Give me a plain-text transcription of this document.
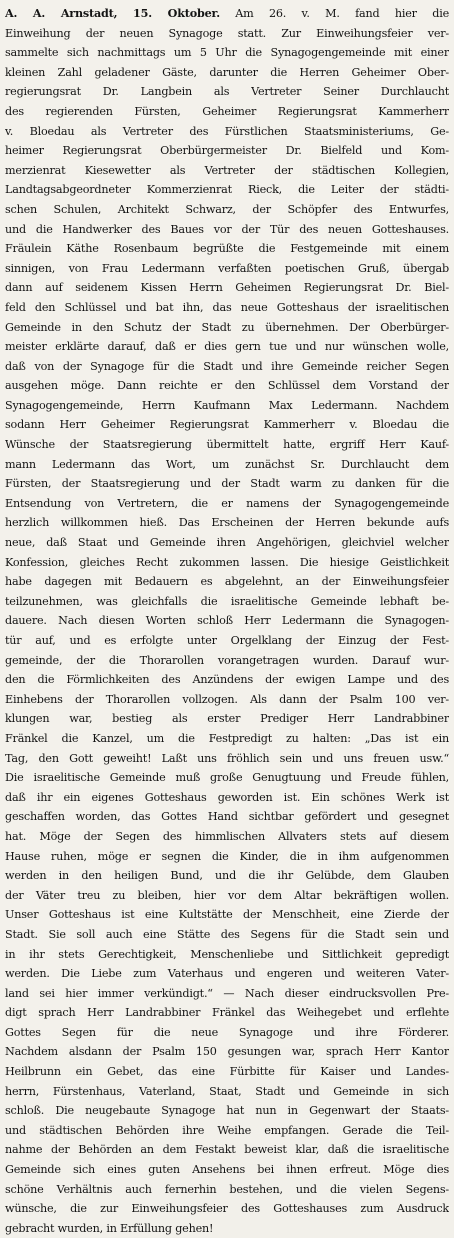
A. A. Arnstadt, 15. Oktober. Am 26. v. M. fand hier die
Einweihung der neuen Synagoge statt. Zur Einweihungsfeier ver-
sammelte sich nachmittags um 5 Uhr die Synagogengemeinde mit einer
kleinen Zahl geladener Gäste, darunter die Herren Geheimer Ober-
regierungsrat Dr. Langbein als Vertreter Seiner Durchlaucht
des regierenden Fürsten, Geheimer Regierungsrat Kammerherr
v. Bloedau als Vertreter des Fürstlichen Staatsministeriums, Ge-
heimer Regierungsrat Oberbürgermeister Dr. Bielfeld und Kom-
merzienrat Kiesewetter als Vertreter der städtischen Kollegien,
Landtagsabgeordneter Kommerzienrat Rieck, die Leiter der städti-
schen Schulen, Architekt Schwarz, der Schöpfer des Entwurfes,
und die Handwerker des Baues vor der Tür des neuen Gotteshauses.
Fräulein Käthe Rosenbaum begrüßte die Festgemeinde mit einem
sinnigen, von Frau Ledermann verfaßten poetischen Gruß, übergab
dann auf seidenem Kissen Herrn Geheimen Regierungsrat Dr. Biel-
feld den Schlüssel und bat ihn, das neue Gotteshaus der israelitischen
Gemeinde in den Schutz der Stadt zu übernehmen. Der Oberbürger-
meister erklärte darauf, daß er dies gern tue und nur wünschen wolle,
daß von der Synagoge für die Stadt und ihre Gemeinde reicher Segen
ausgehen möge. Dann reichte er den Schlüssel dem Vorstand der
Synagogengemeinde, Herrn Kaufmann Max Ledermann. Nachdem
sodann Herr Geheimer Regierungsrat Kammerherr v. Bloedau die
Wünsche der Staatsregierung übermittelt hatte, ergriff Herr Kauf-
mann Ledermann das Wort, um zunächst Sr. Durchlaucht dem
Fürsten, der Staatsregierung und der Stadt warm zu danken für die
Entsendung von Vertretern, die er namens der Synagogengemeinde
herzlich willkommen hieß. Das Erscheinen der Herren bekunde aufs
neue, daß Staat und Gemeinde ihren Angehörigen, gleichviel welcher
Konfession, gleiches Recht zukommen lassen. Die hiesige Geistlichkeit
habe dagegen mit Bedauern es abgelehnt, an der Einweihungsfeier
teilzunehmen, was gleichfalls die israelitische Gemeinde lebhaft be-
dauere. Nach diesen Worten schloß Herr Ledermann die Synagogen-
tür auf, und es erfolgte unter Orgelklang der Einzug der Fest-
gemeinde, der die Thorarollen vorangetragen wurden. Darauf wur-
den die Förmlichkeiten des Anzündens der ewigen Lampe und des
Einhebens der Thorarollen vollzogen. Als dann der Psalm 100 ver-
klungen war, bestieg als erster Prediger Herr Landrabbiner
Fränkel die Kanzel, um die Festpredigt zu halten: „Das ist ein
Tag, den Gott geweiht! Laßt uns fröhlich sein und uns freuen usw.“
Die israelitische Gemeinde muß große Genugtuung und Freude fühlen,
daß ihr ein eigenes Gotteshaus geworden ist. Ein schönes Werk ist
geschaffen worden, das Gottes Hand sichtbar gefördert und gesegnet
hat. Möge der Segen des himmlischen Allvaters stets auf diesem
Hause ruhen, möge er segnen die Kinder, die in ihm aufgenommen
werden in den heiligen Bund, und die ihr Gelübde, dem Glauben
der Väter treu zu bleiben, hier vor dem Altar bekräftigen wollen.
Unser Gotteshaus ist eine Kultstätte der Menschheit, eine Zierde der
Stadt. Sie soll auch eine Stätte des Segens für die Stadt sein und
in ihr stets Gerechtigkeit, Menschenliebe und Sittlichkeit gepredigt
werden. Die Liebe zum Vaterhaus und engeren und weiteren Vater-
land sei hier immer verkündigt.“ — Nach dieser eindrucksvollen Pre-
digt sprach Herr Landrabbiner Fränkel das Weihegebet und erflehte
Gottes Segen für die neue Synagoge und ihre Förderer.
Nachdem alsdann der Psalm 150 gesungen war, sprach Herr Kantor
Heilbrunn ein Gebet, das eine Fürbitte für Kaiser und Landes-
herrn, Fürstenhaus, Vaterland, Staat, Stadt und Gemeinde in sich
schloß. Die neugebaute Synagoge hat nun in Gegenwart der Staats-
und städtischen Behörden ihre Weihe empfangen. Gerade die Teil-
nahme der Behörden an dem Festakt beweist klar, daß die israelitische
Gemeinde sich eines guten Ansehens bei ihnen erfreut. Möge dies
schöne Verhältnis auch fernerhin bestehen, und die vielen Segens-
wünsche, die zur Einweihungsfeier des Gotteshauses zum Ausdruck
gebracht wurden, in Erfüllung gehen!
